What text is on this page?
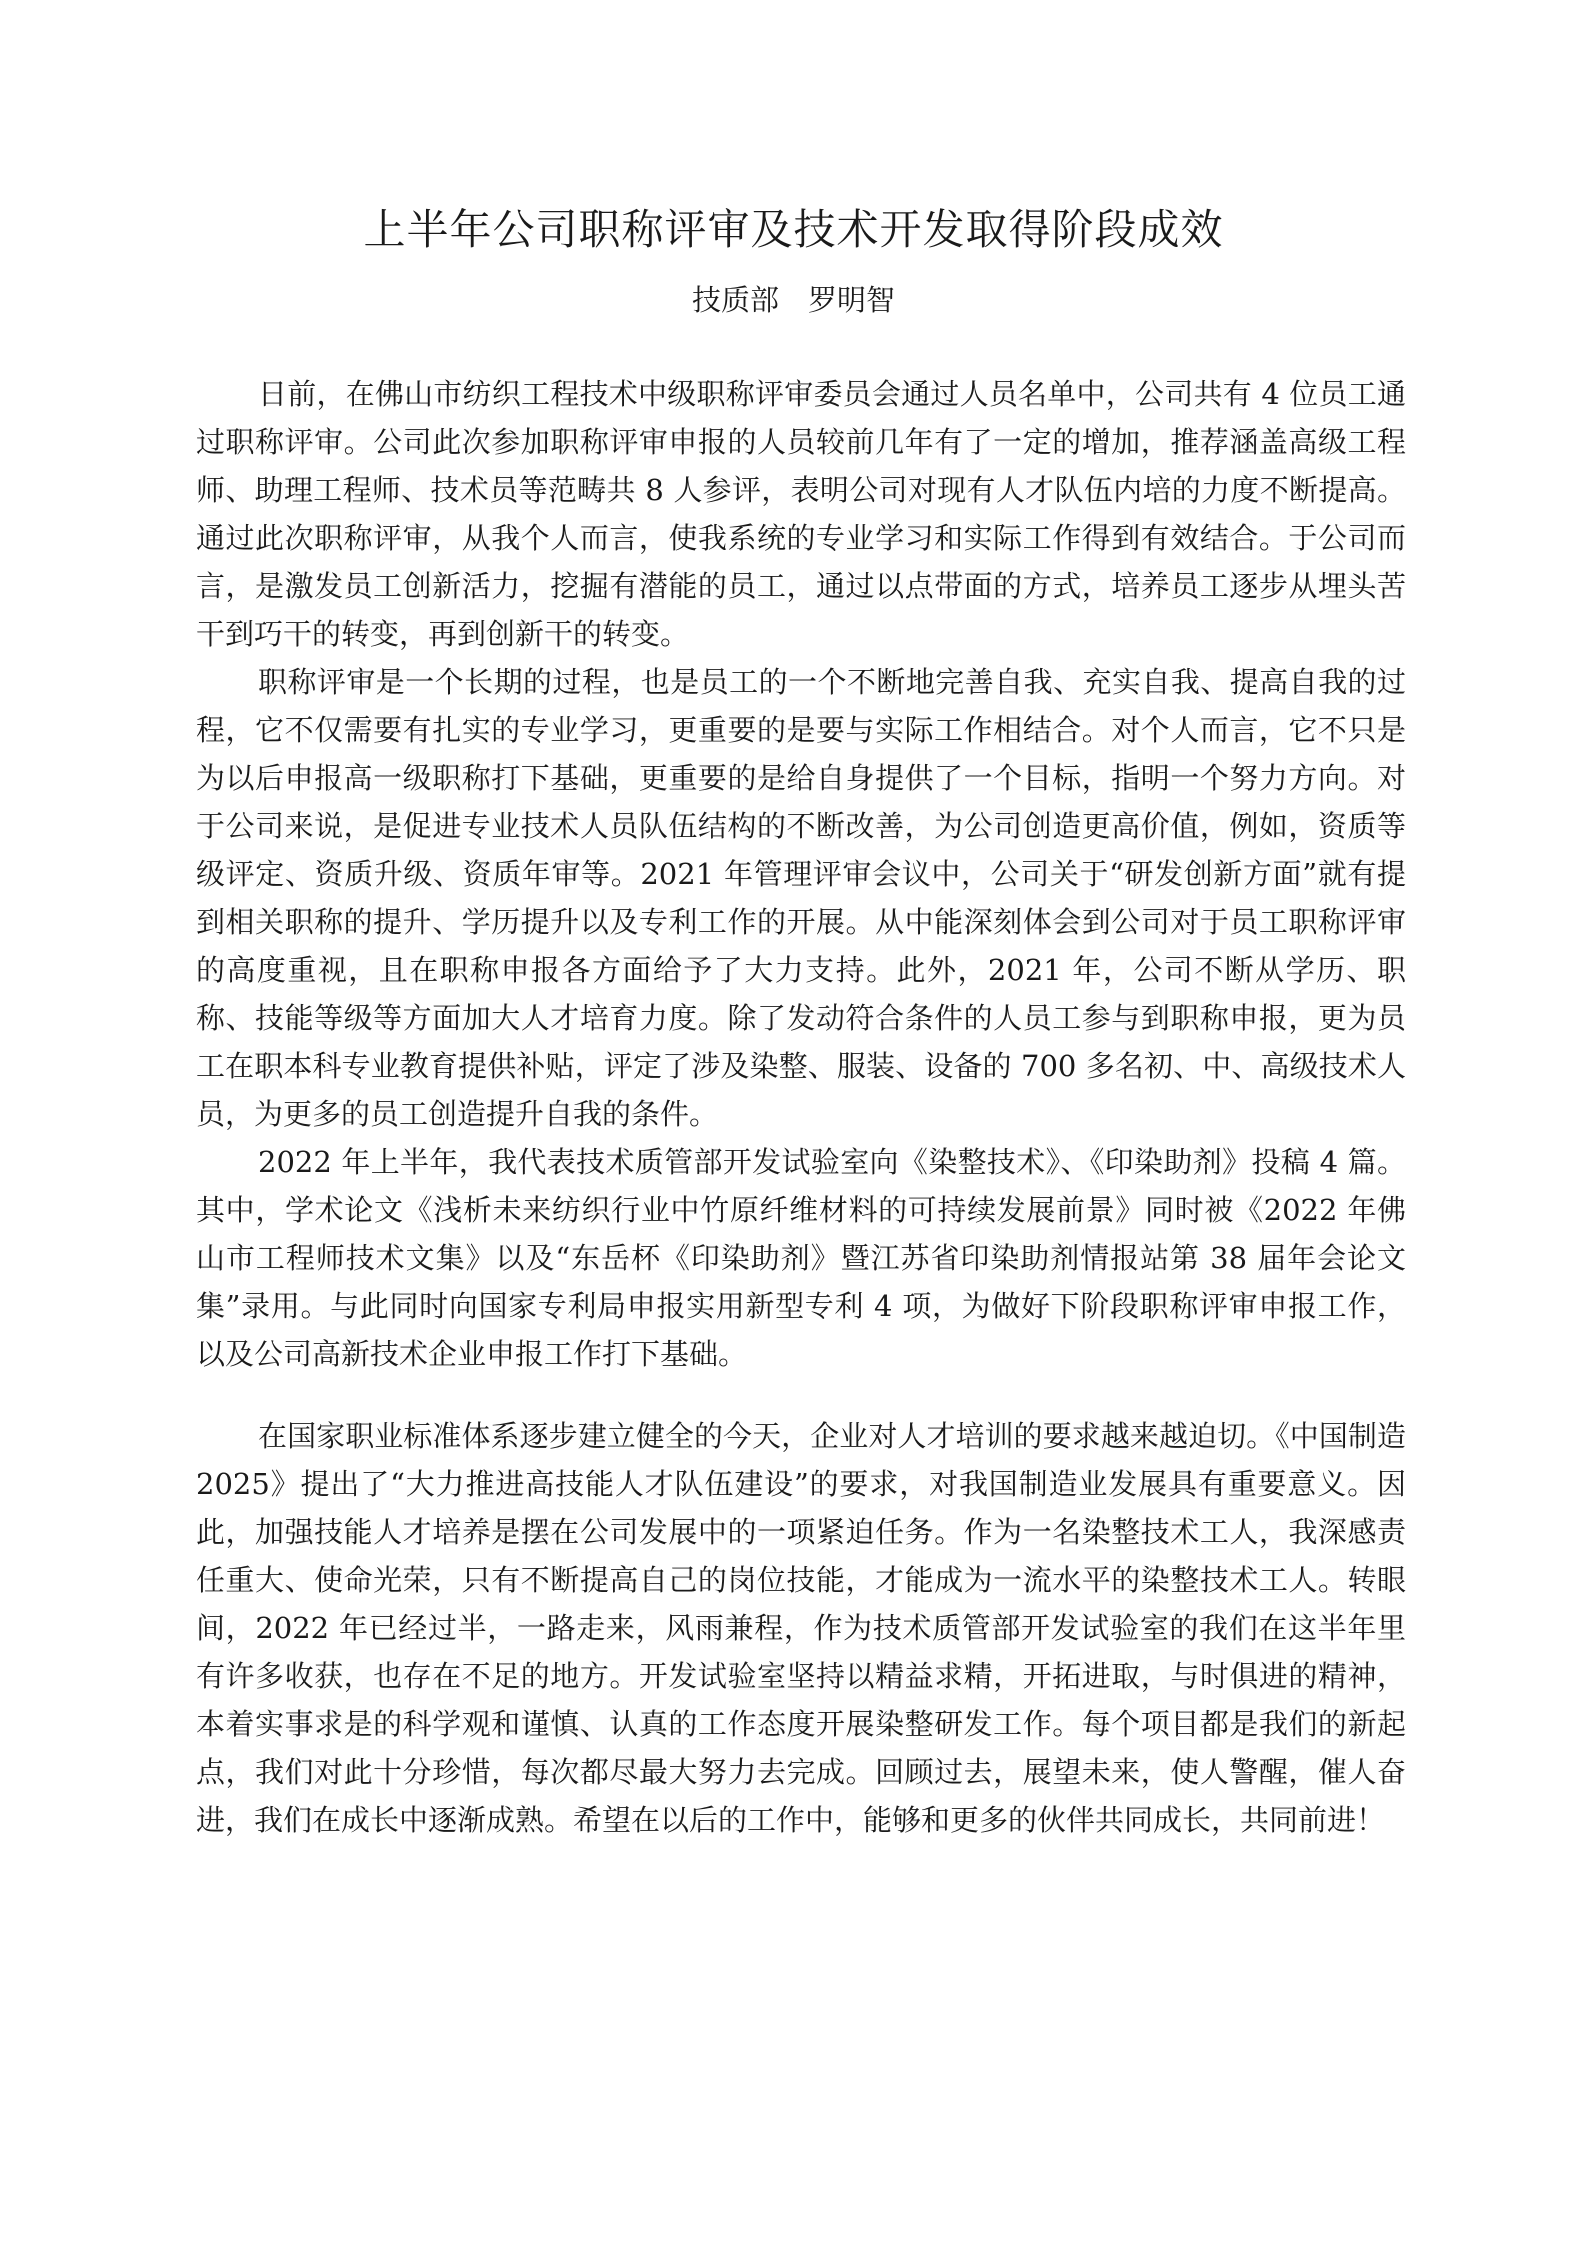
上半年公司职称评审及技术开发取得阶段成效
技质部　罗明智

日前，在佛山市纺织工程技术中级职称评审委员会通过人员名单中，公司共有 4 位员工通过职称评审。公司此次参加职称评审申报的人员较前几年有了一定的增加，推荐涵盖高级工程师、助理工程师、技术员等范畴共 8 人参评，表明公司对现有人才队伍内培的力度不断提高。通过此次职称评审，从我个人而言，使我系统的专业学习和实际工作得到有效结合。于公司而言，是激发员工创新活力，挖掘有潜能的员工，通过以点带面的方式，培养员工逐步从埋头苦干到巧干的转变，再到创新干的转变。

职称评审是一个长期的过程，也是员工的一个不断地完善自我、充实自我、提高自我的过程，它不仅需要有扎实的专业学习，更重要的是要与实际工作相结合。对个人而言，它不只是为以后申报高一级职称打下基础，更重要的是给自身提供了一个目标，指明一个努力方向。对于公司来说，是促进专业技术人员队伍结构的不断改善，为公司创造更高价值，例如，资质等级评定、资质升级、资质年审等。2021 年管理评审会议中，公司关于“研发创新方面”就有提到相关职称的提升、学历提升以及专利工作的开展。从中能深刻体会到公司对于员工职称评审的高度重视，且在职称申报各方面给予了大力支持。此外，2021 年，公司不断从学历、职称、技能等级等方面加大人才培育力度。除了发动符合条件的人员工参与到职称申报，更为员工在职本科专业教育提供补贴，评定了涉及染整、服装、设备的 700 多名初、中、高级技术人员，为更多的员工创造提升自我的条件。

2022 年上半年，我代表技术质管部开发试验室向《染整技术》、《印染助剂》投稿 4 篇。其中，学术论文《浅析未来纺织行业中竹原纤维材料的可持续发展前景》同时被《2022 年佛山市工程师技术文集》以及“东岳杯《印染助剂》暨江苏省印染助剂情报站第 38 届年会论文集”录用。与此同时向国家专利局申报实用新型专利 4 项，为做好下阶段职称评审申报工作，以及公司高新技术企业申报工作打下基础。

在国家职业标准体系逐步建立健全的今天，企业对人才培训的要求越来越迫切。《中国制造 2025》提出了“大力推进高技能人才队伍建设”的要求，对我国制造业发展具有重要意义。因此，加强技能人才培养是摆在公司发展中的一项紧迫任务。作为一名染整技术工人，我深感责任重大、使命光荣，只有不断提高自己的岗位技能，才能成为一流水平的染整技术工人。转眼间，2022 年已经过半，一路走来，风雨兼程，作为技术质管部开发试验室的我们在这半年里有许多收获，也存在不足的地方。开发试验室坚持以精益求精，开拓进取，与时俱进的精神，本着实事求是的科学观和谨慎、认真的工作态度开展染整研发工作。每个项目都是我们的新起点，我们对此十分珍惜，每次都尽最大努力去完成。回顾过去，展望未来，使人警醒，催人奋进，我们在成长中逐渐成熟。希望在以后的工作中，能够和更多的伙伴共同成长，共同前进！
